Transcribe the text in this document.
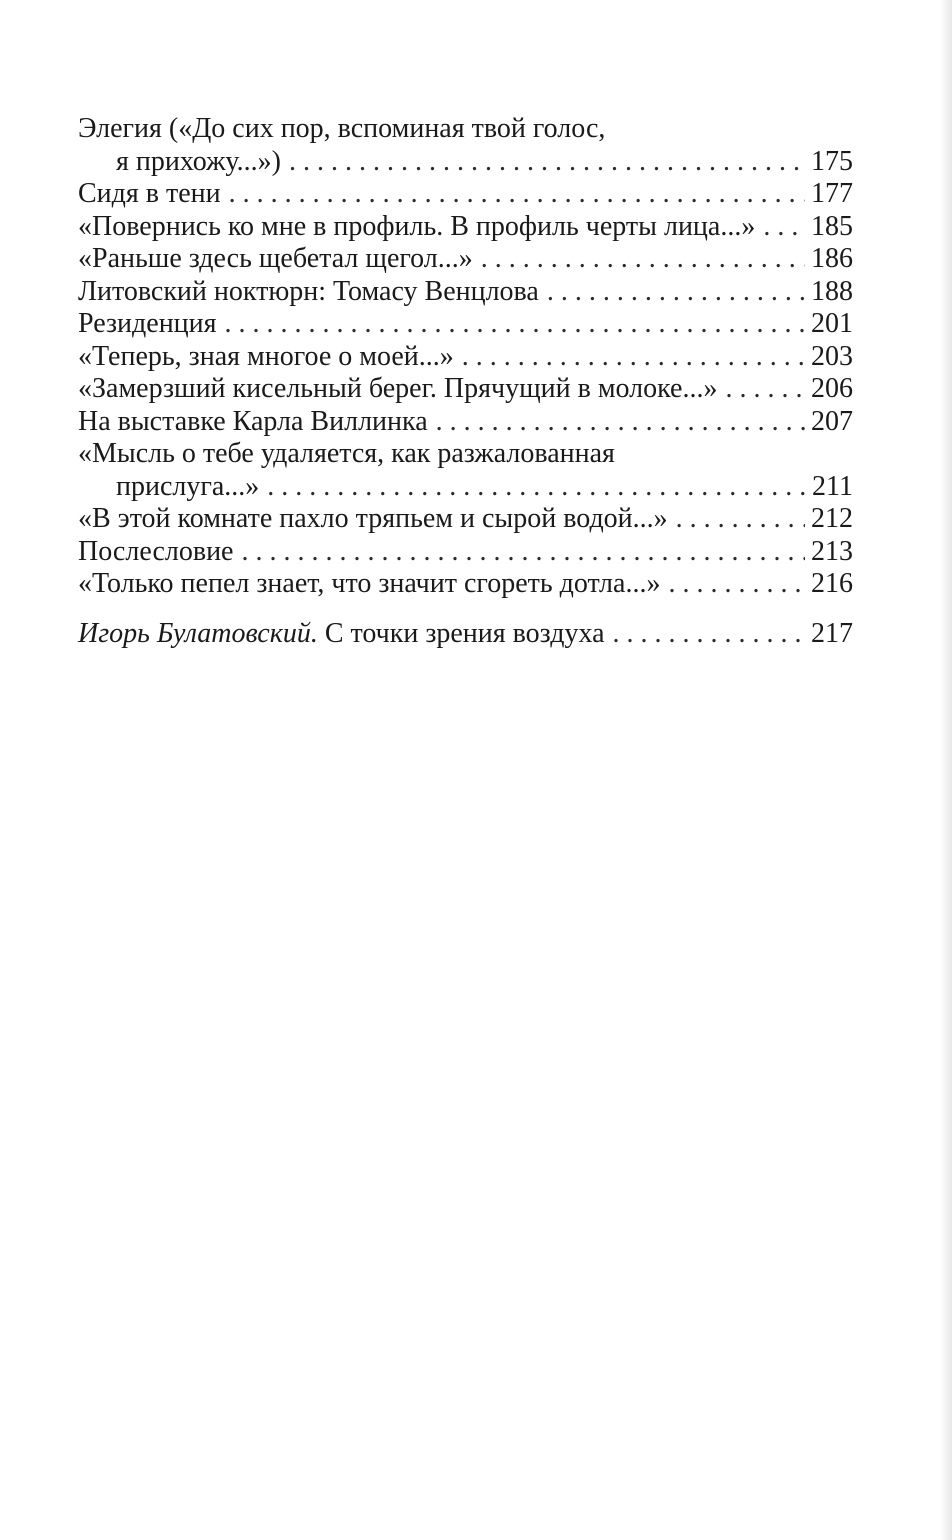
Элегия («До сих пор, вспоминая твой голос,
я прихожу...») . . .	175
Сидя в тени . . .	177
«Повернись ко мне в профиль. В профиль черты лица...» . . . 185
«Раньше здесь щебетал щегол...» . . .	186
Литовский ноктюрн: Томасу Венцлова . . .	188
Резиденция . . .	201
«Теперь, зная многое о моей...» . . .	203
«Замерзший кисельный берег. Прячущий в молоке...» . . .	206
На выставке Карла Виллинка . . .	207
«Мысль о тебе удаляется, как разжалованная
прислуга...» . . .	211
«В этой комнате пахло тряпьем и сырой водой...» . . .	212
Послесловие . . .	213
«Только пепел знает, что значит сгореть дотла...» . . .	216
Игорь Булатовский. С точки зрения воздуха . . .	217
